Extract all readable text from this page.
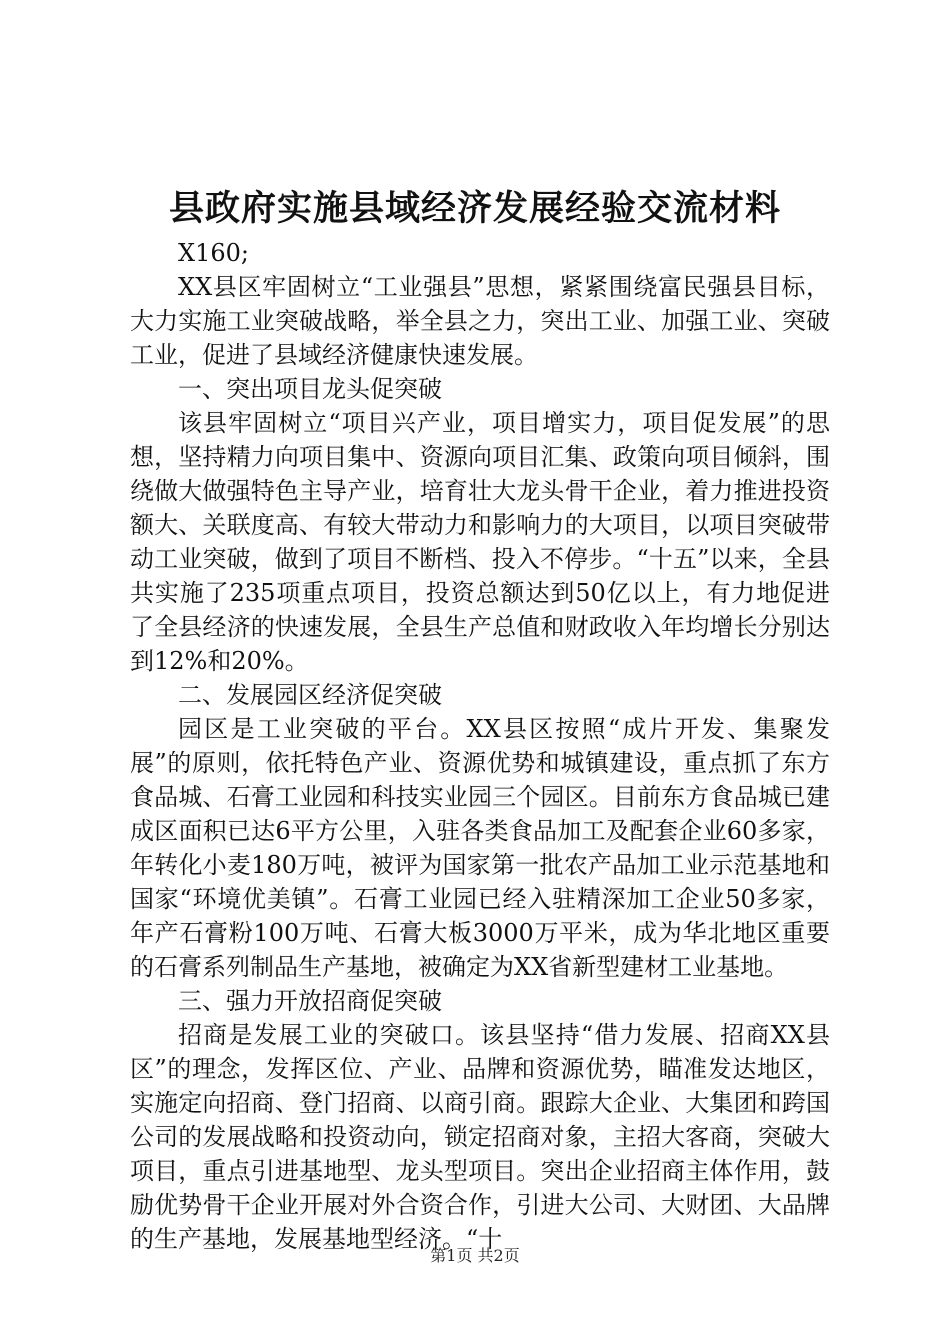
县政府实施县域经济发展经验交流材料

X160;

XX县区牢固树立“工业强县”思想，紧紧围绕富民强县目标，大力实施工业突破战略，举全县之力，突出工业、加强工业、突破工业，促进了县域经济健康快速发展。

一、突出项目龙头促突破

该县牢固树立“项目兴产业，项目增实力，项目促发展”的思想，坚持精力向项目集中、资源向项目汇集、政策向项目倾斜，围绕做大做强特色主导产业，培育壮大龙头骨干企业，着力推进投资额大、关联度高、有较大带动力和影响力的大项目，以项目突破带动工业突破，做到了项目不断档、投入不停步。“十五”以来，全县共实施了235项重点项目，投资总额达到50亿以上，有力地促进了全县经济的快速发展，全县生产总值和财政收入年均增长分别达到12%和20%。

二、发展园区经济促突破

园区是工业突破的平台。XX县区按照“成片开发、集聚发展”的原则，依托特色产业、资源优势和城镇建设，重点抓了东方食品城、石膏工业园和科技实业园三个园区。目前东方食品城已建成区面积已达6平方公里，入驻各类食品加工及配套企业60多家，年转化小麦180万吨，被评为国家第一批农产品加工业示范基地和国家“环境优美镇”。石膏工业园已经入驻精深加工企业50多家，年产石膏粉100万吨、石膏大板3000万平米，成为华北地区重要的石膏系列制品生产基地，被确定为XX省新型建材工业基地。

三、强力开放招商促突破

招商是发展工业的突破口。该县坚持“借力发展、招商XX县区”的理念，发挥区位、产业、品牌和资源优势，瞄准发达地区，实施定向招商、登门招商、以商引商。跟踪大企业、大集团和跨国公司的发展战略和投资动向，锁定招商对象，主招大客商，突破大项目，重点引进基地型、龙头型项目。突出企业招商主体作用，鼓励优势骨干企业开展对外合资合作，引进大公司、大财团、大品牌的生产基地，发展基地型经济。“十

第1页 共2页
